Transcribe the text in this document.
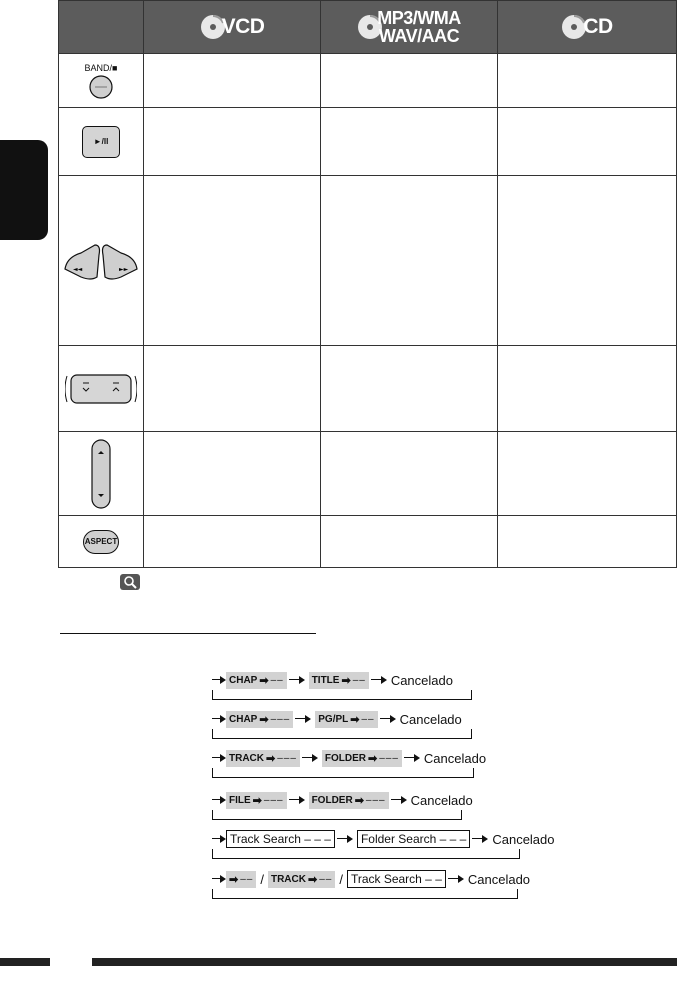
	VCD	MP3/WMA
WAV/AAC	CD

BAND/■			

►/II			

◄◄ ►►			

ASPECT			
CHAP ➡ ––	TITLE ➡ –– Cancelado
CHAP ➡ –––	PG/PL ➡ –– Cancelado
TRACK ➡ –––	FOLDER ➡ ––– Cancelado
FILE ➡ –––	FOLDER ➡ ––– Cancelado
Track Search – – –	Folder Search – – –	Cancelado
➡ –– / TRACK ➡ –– / Track Search – –	Cancelado
